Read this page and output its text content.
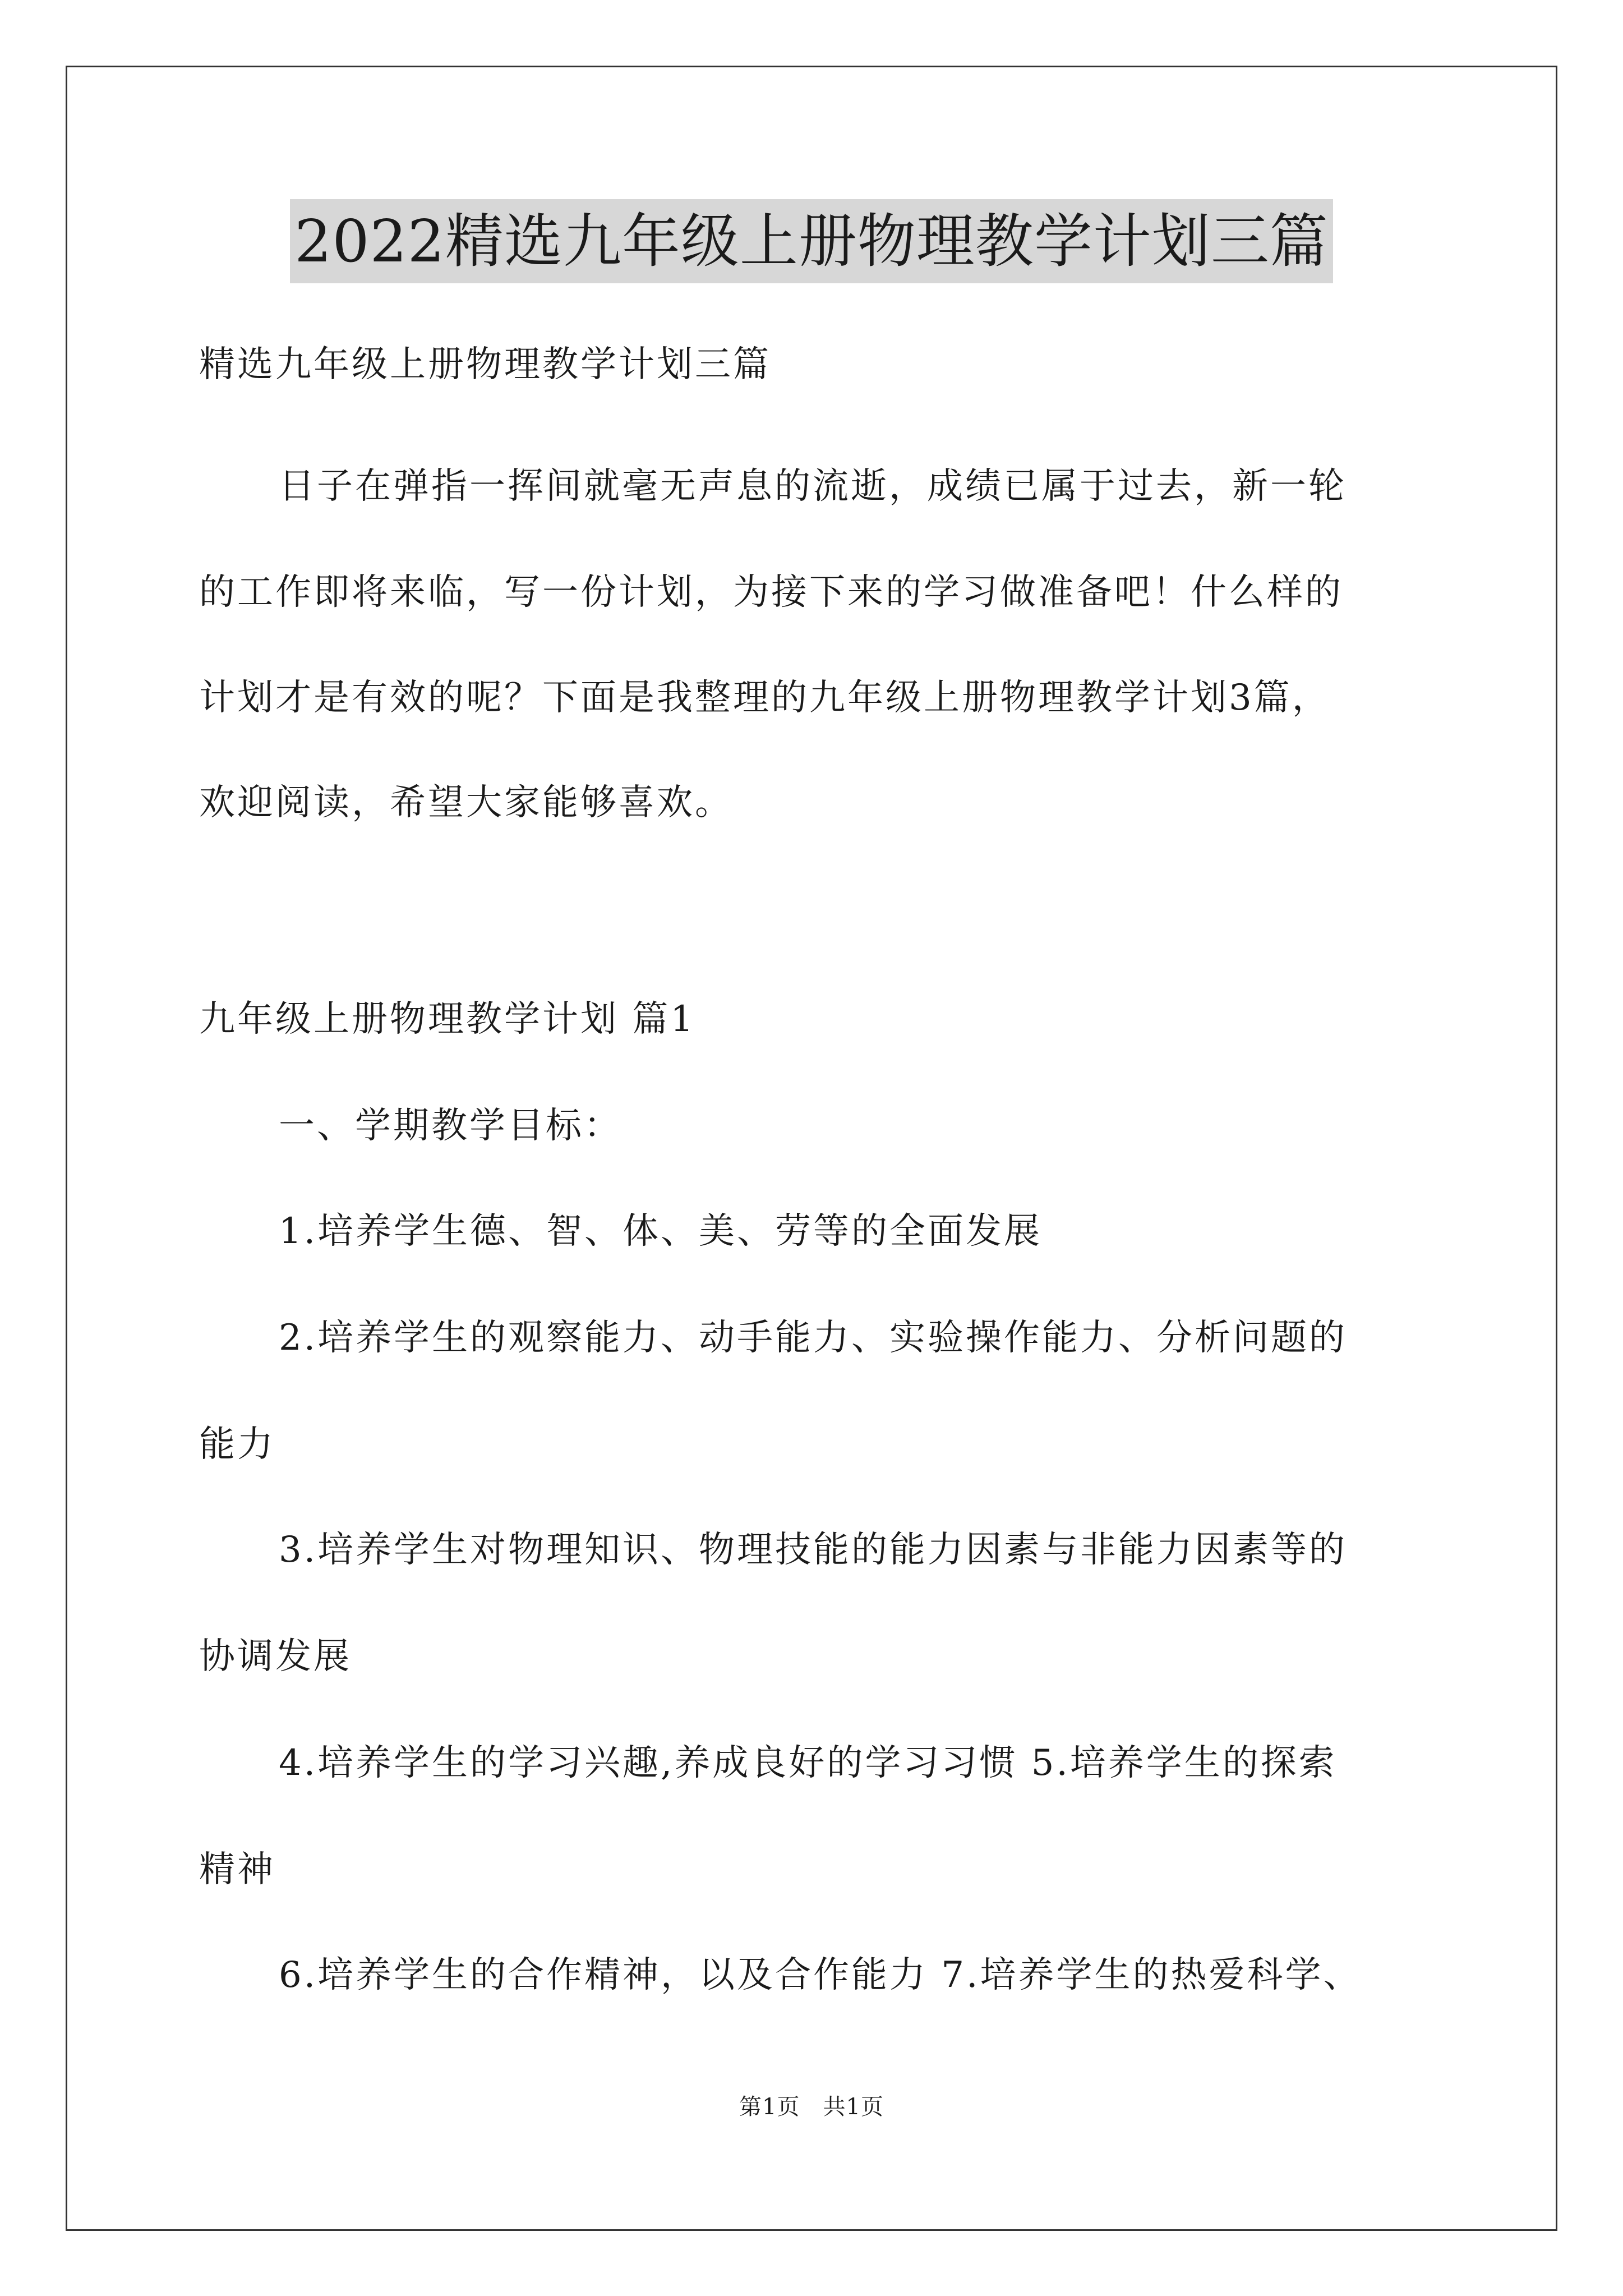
2022精选九年级上册物理教学计划三篇
精选九年级上册物理教学计划三篇
日子在弹指一挥间就毫无声息的流逝，成绩已属于过去，新一轮
的工作即将来临，写一份计划，为接下来的学习做准备吧！什么样的
计划才是有效的呢？下面是我整理的九年级上册物理教学计划3篇，
欢迎阅读，希望大家能够喜欢。
九年级上册物理教学计划 篇1
一、学期教学目标：
1.培养学生德、智、体、美、劳等的全面发展
2.培养学生的观察能力、动手能力、实验操作能力、分析问题的
能力
3.培养学生对物理知识、物理技能的能力因素与非能力因素等的
协调发展
4.培养学生的学习兴趣,养成良好的学习习惯 5.培养学生的探索
精神
6.培养学生的合作精神，以及合作能力 7.培养学生的热爱科学、
第1页　共1页
